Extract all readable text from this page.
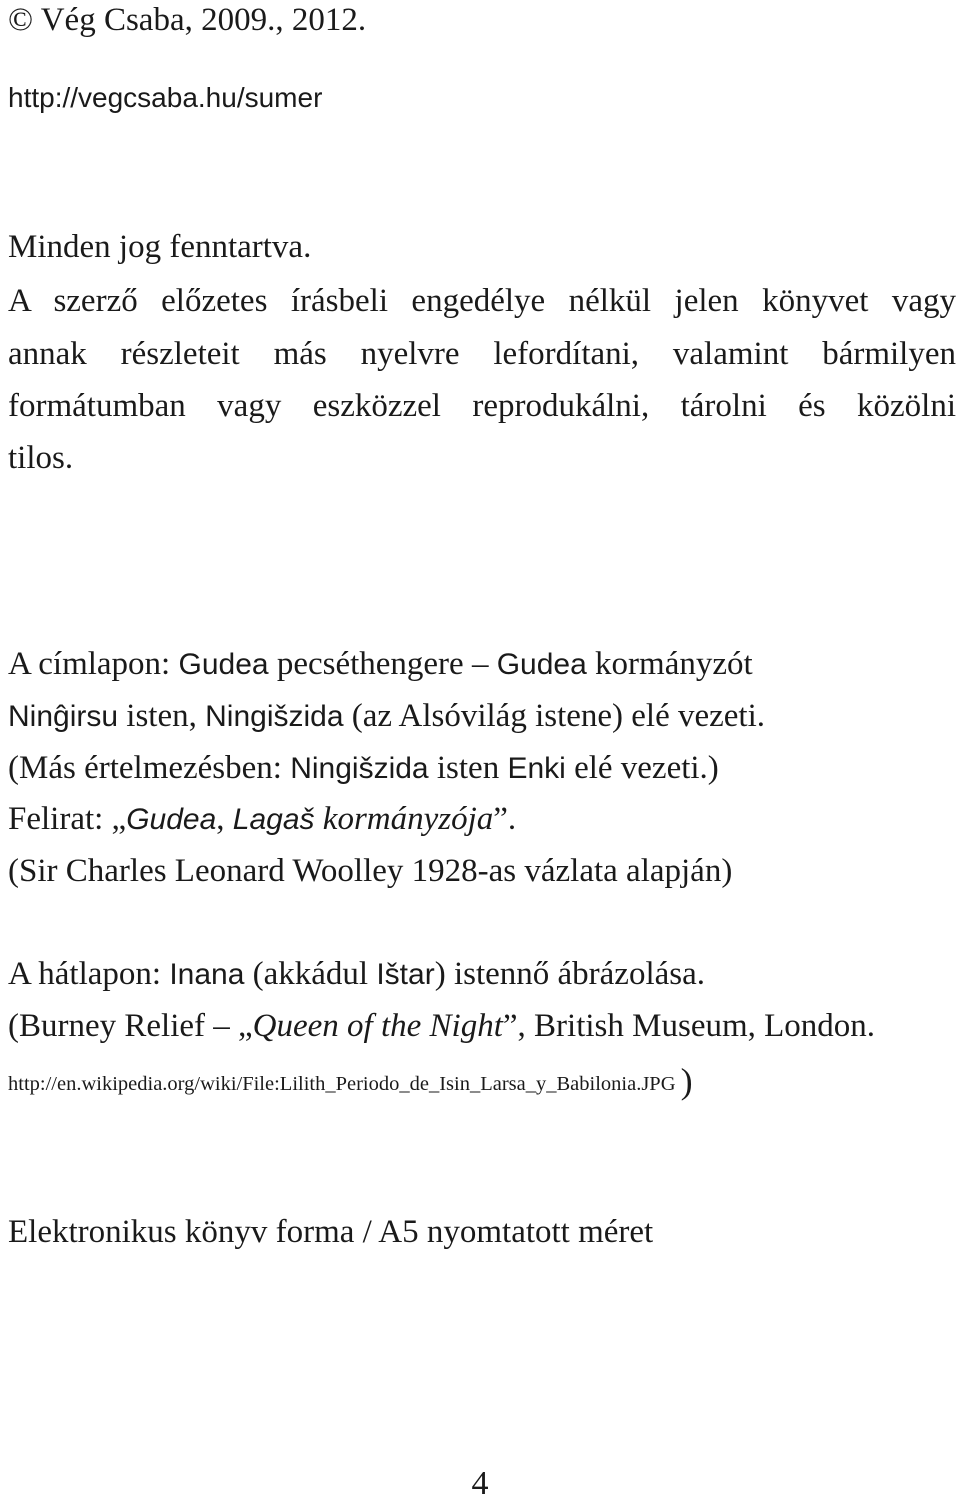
© Vég Csaba, 2009., 2012.
http://vegcsaba.hu/sumer
Minden jog fenntartva.
A szerző előzetes írásbeli engedélye nélkül jelen könyvet vagy
annak részleteit más nyelvre lefordítani, valamint bármilyen
formátumban vagy eszközzel reprodukálni, tárolni és közölni
tilos.
A címlapon: Gudea pecséthengere – Gudea kormányzót
Ninĝirsu isten, Ningišzida (az Alsóvilág istene) elé vezeti.
(Más értelmezésben: Ningišzida isten Enki elé vezeti.)
Felirat: „Gudea, Lagaš kormányzója”.
(Sir Charles Leonard Woolley 1928-as vázlata alapján)
A hátlapon: Inana (akkádul Ištar) istennő ábrázolása.
(Burney Relief – „Queen of the Night”, British Museum, London.
http://en.wikipedia.org/wiki/File:Lilith_Periodo_de_Isin_Larsa_y_Babilonia.JPG )
Elektronikus könyv forma / A5 nyomtatott méret
4
